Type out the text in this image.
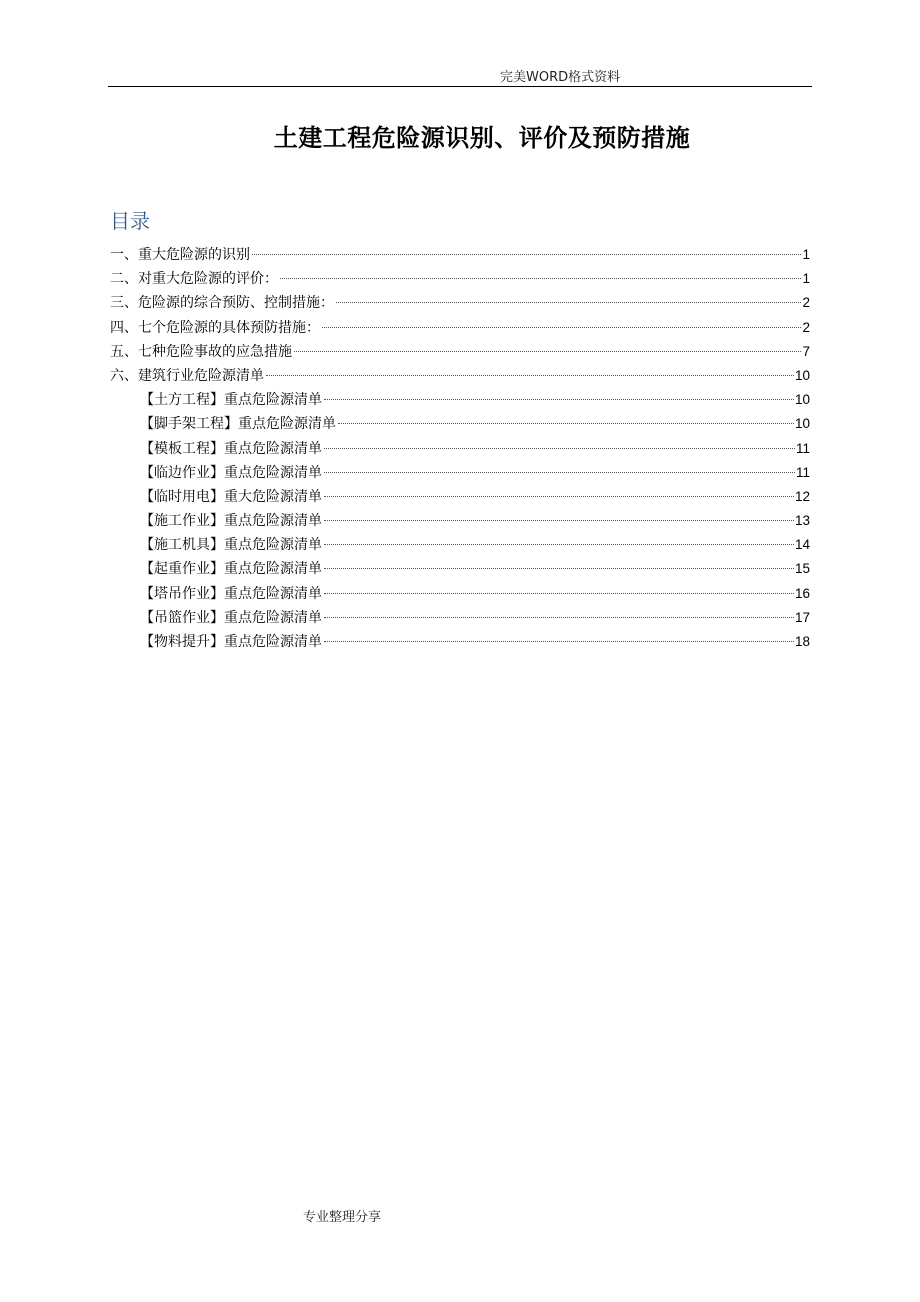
完美WORD格式资料
土建工程危险源识别、评价及预防措施
目录
一、重大危险源的识别	1
二、对重大危险源的评价：	1
三、危险源的综合预防、控制措施：	2
四、七个危险源的具体预防措施：	2
五、七种危险事故的应急措施	7
六、建筑行业危险源清单	10
【土方工程】重点危险源清单	10
【脚手架工程】重点危险源清单	10
【模板工程】重点危险源清单	11
【临边作业】重点危险源清单	11
【临时用电】重大危险源清单	12
【施工作业】重点危险源清单	13
【施工机具】重点危险源清单	14
【起重作业】重点危险源清单	15
【塔吊作业】重点危险源清单	16
【吊篮作业】重点危险源清单	17
【物料提升】重点危险源清单	18
专业整理分享
